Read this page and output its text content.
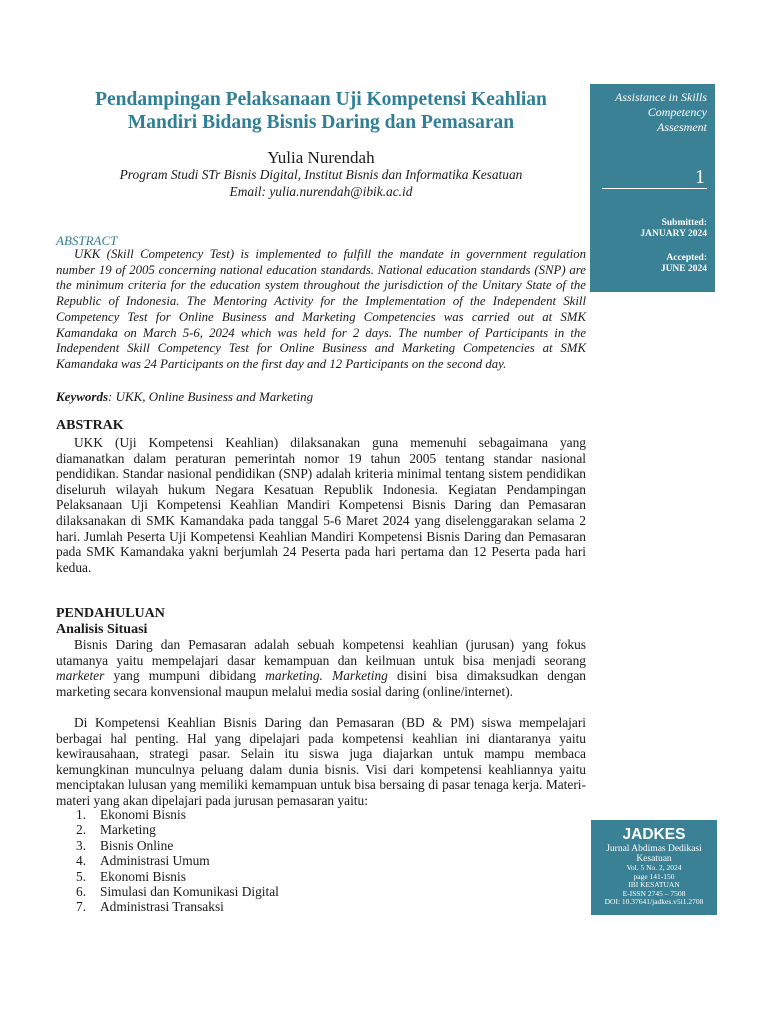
Pendampingan Pelaksanaan Uji Kompetensi Keahlian
Mandiri Bidang Bisnis Daring dan Pemasaran
Yulia Nurendah
Program Studi STr Bisnis Digital, Institut Bisnis dan Informatika Kesatuan
Email: yulia.nurendah@ibik.ac.id
ABSTRACT

UKK (Skill Competency Test) is implemented to fulfill the mandate in government regulation number 19 of 2005 concerning national education standards. National education standards (SNP) are the minimum criteria for the education system throughout the jurisdiction of the Unitary State of the Republic of Indonesia. The Mentoring Activity for the Implementation of the Independent Skill Competency Test for Online Business and Marketing Competencies was carried out at SMK Kamandaka on March 5-6, 2024 which was held for 2 days. The number of Participants in the Independent Skill Competency Test for Online Business and Marketing Competencies at SMK Kamandaka was 24 Participants on the first day and 12 Participants on the second day.

Keywords: UKK, Online Business and Marketing
ABSTRAK

UKK (Uji Kompetensi Keahlian) dilaksanakan guna memenuhi sebagaimana yang diamanatkan dalam peraturan pemerintah nomor 19 tahun 2005 tentang standar nasional pendidikan. Standar nasional pendidikan (SNP) adalah kriteria minimal tentang sistem pendidikan diseluruh wilayah hukum Negara Kesatuan Republik Indonesia. Kegiatan Pendampingan Pelaksanaan Uji Kompetensi Keahlian Mandiri Kompetensi Bisnis Daring dan Pemasaran dilaksanakan di SMK Kamandaka pada tanggal 5-6 Maret 2024 yang diselenggarakan selama 2 hari. Jumlah Peserta Uji Kompetensi Keahlian Mandiri Kompetensi Bisnis Daring dan Pemasaran pada SMK Kamandaka yakni berjumlah 24 Peserta pada hari pertama dan 12 Peserta pada hari kedua.

PENDAHULUAN
Analisis Situasi

Bisnis Daring dan Pemasaran adalah sebuah kompetensi keahlian (jurusan) yang fokus utamanya yaitu mempelajari dasar kemampuan dan keilmuan untuk bisa menjadi seorang marketer yang mumpuni dibidang marketing. Marketing disini bisa dimaksudkan dengan marketing secara konvensional maupun melalui media sosial daring (online/internet).

Di Kompetensi Keahlian Bisnis Daring dan Pemasaran (BD & PM) siswa mempelajari berbagai hal penting. Hal yang dipelajari pada kompetensi keahlian ini diantaranya yaitu kewirausahaan, strategi pasar. Selain itu siswa juga diajarkan untuk mampu membaca kemungkinan munculnya peluang dalam dunia bisnis. Visi dari kompetensi keahliannya yaitu menciptakan lulusan yang memiliki kemampuan untuk bisa bersaing di pasar tenaga kerja. Materi-materi yang akan dipelajari pada jurusan pemasaran yaitu:

1.	Ekonomi Bisnis
2.	Marketing
3.	Bisnis Online
4.	Administrasi Umum
5.	Ekonomi Bisnis
6.	Simulasi dan Komunikasi Digital
7.	Administrasi Transaksi
Assistance in Skills
Competency
Assesment
1
Submitted:
JANUARY 2024
Accepted:
JUNE 2024
JADKES
Jurnal Abdimas Dedikasi
Kesatuan
Vol. 5 No. 2, 2024
page 141-150
IBI KESATUAN
E-ISSN 2745 – 7508
DOI: 10.37641/jadkes.v5i1.2708
